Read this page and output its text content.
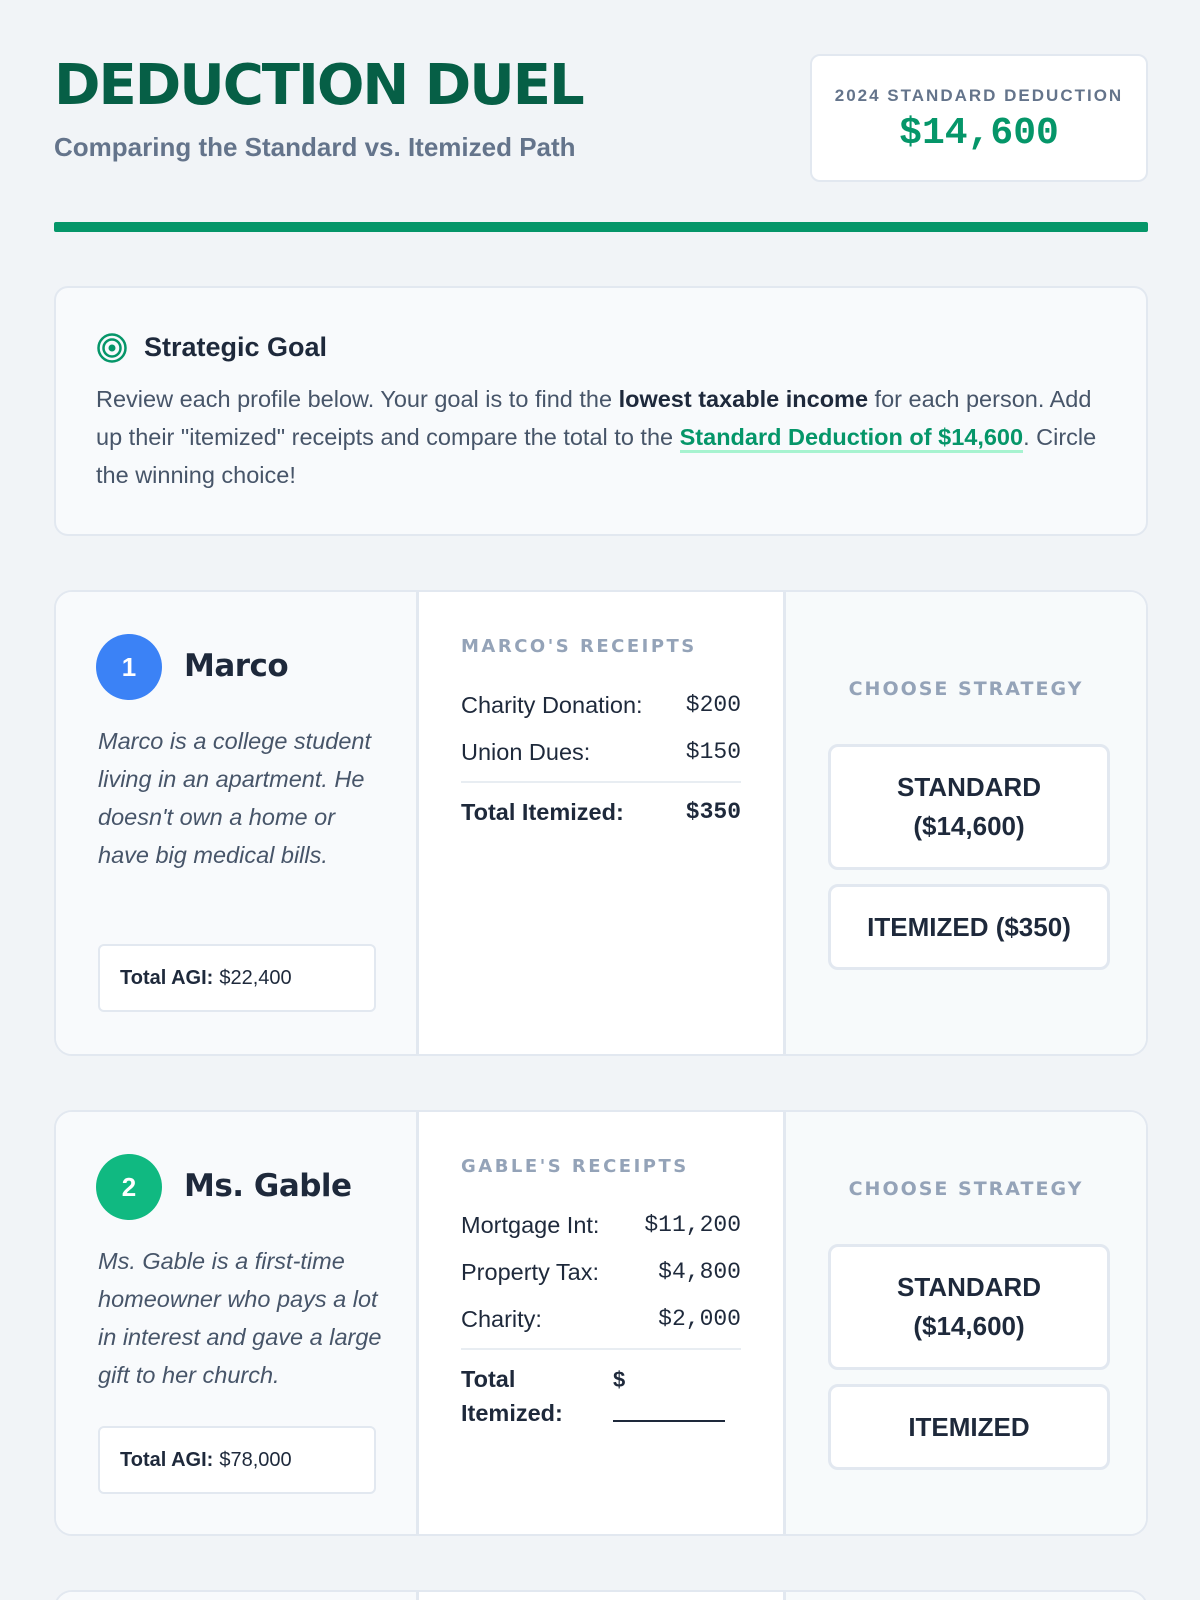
DEDUCTION DUEL
Comparing the Standard vs. Itemized Path
2024 STANDARD DEDUCTION
$14,600
Strategic Goal
Review each profile below. Your goal is to find the lowest taxable income for each person. Add up their "itemized" receipts and compare the total to the Standard Deduction of $14,600. Circle the winning choice!
1	Marco
Marco is a college student living in an apartment. He doesn't own a home or have big medical bills.
Total AGI: $22,400
MARCO'S RECEIPTS
Charity Donation: $200
Union Dues:	$150
Total Itemized:	$350
CHOOSE STRATEGY
STANDARD ($14,600)
ITEMIZED ($350)
2	Ms. Gable
Ms. Gable is a first-time homeowner who pays a lot in interest and gave a large gift to her church.
Total AGI: $78,000
GABLE'S RECEIPTS
Mortgage Int: $11,200
Property Tax:	$4,800
Charity:	$2,000
Total
Itemized:
$

CHOOSE STRATEGY
STANDARD ($14,600)
ITEMIZED
